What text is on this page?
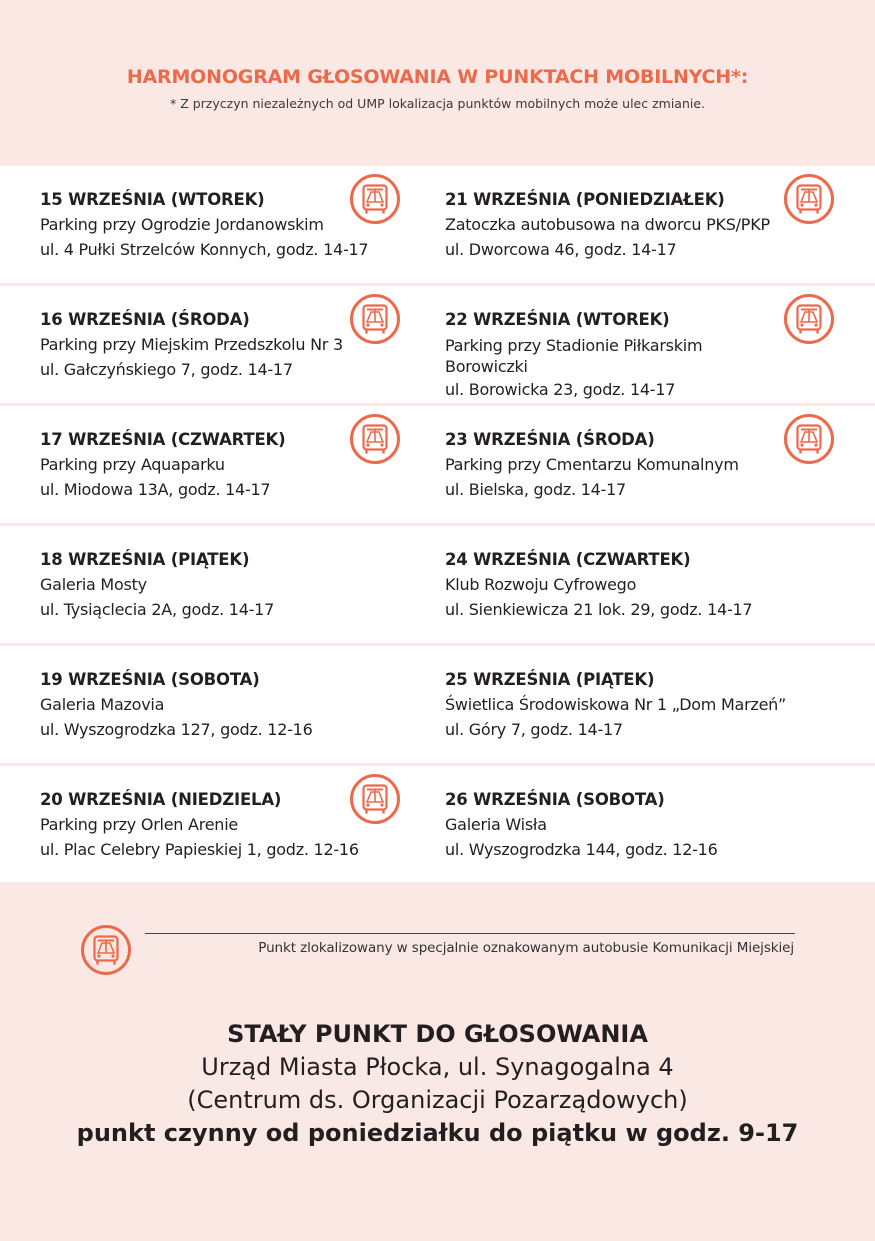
HARMONOGRAM GŁOSOWANIA W PUNKTACH MOBILNYCH*:
* Z przyczyn niezależnych od UMP lokalizacja punktów mobilnych może ulec zmianie.
15 WRZEŚNIA (WTOREK)
Parking przy Ogrodzie Jordanowskim
ul. 4 Pułki Strzelców Konnych, godz. 14-17
21 WRZEŚNIA (PONIEDZIAŁEK)
Zatoczka autobusowa na dworcu PKS/PKP
ul. Dworcowa 46, godz. 14-17
16 WRZEŚNIA (ŚRODA)
Parking przy Miejskim Przedszkolu Nr 3
ul. Gałczyńskiego 7, godz. 14-17
22 WRZEŚNIA (WTOREK)
Parking przy Stadionie Piłkarskim Borowiczki
ul. Borowicka 23, godz. 14-17
17 WRZEŚNIA (CZWARTEK)
Parking przy Aquaparku
ul. Miodowa 13A, godz. 14-17
23 WRZEŚNIA (ŚRODA)
Parking przy Cmentarzu Komunalnym
ul. Bielska, godz. 14-17
18 WRZEŚNIA (PIĄTEK)
Galeria Mosty
ul. Tysiąclecia 2A, godz. 14-17
24 WRZEŚNIA (CZWARTEK)
Klub Rozwoju Cyfrowego
ul. Sienkiewicza 21 lok. 29, godz. 14-17
19 WRZEŚNIA (SOBOTA)
Galeria Mazovia
ul. Wyszogrodzka 127, godz. 12-16
25 WRZEŚNIA (PIĄTEK)
Świetlica Środowiskowa Nr 1 „Dom Marzeń”
ul. Góry 7, godz. 14-17
20 WRZEŚNIA (NIEDZIELA)
Parking przy Orlen Arenie
ul. Plac Celebry Papieskiej 1, godz. 12-16
26 WRZEŚNIA (SOBOTA)
Galeria Wisła
ul. Wyszogrodzka 144, godz. 12-16
Punkt zlokalizowany w specjalnie oznakowanym autobusie Komunikacji Miejskiej
STAŁY PUNKT DO GŁOSOWANIA
Urząd Miasta Płocka, ul. Synagogalna 4
(Centrum ds. Organizacji Pozarządowych)
punkt czynny od poniedziałku do piątku w godz. 9-17
